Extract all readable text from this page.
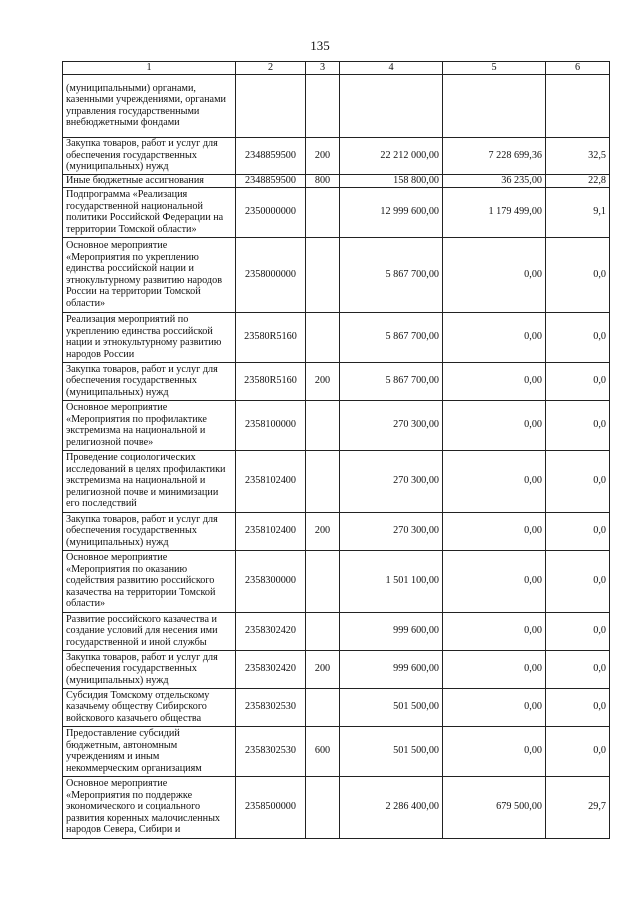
135
1	2	3	4	5	6
(муниципальными) органами, казенными учреждениями, органами управления государственными внебюджетными фондами					
Закупка товаров, работ и услуг для обеспечения государственных (муниципальных) нужд	2348859500	200	22 212 000,00	7 228 699,36	32,5
Иные бюджетные ассигнования	2348859500	800	158 800,00	36 235,00	22,8
Подпрограмма «Реализация государственной национальной политики Российской Федерации на территории Томской области»	2350000000		12 999 600,00	1 179 499,00	9,1
Основное мероприятие «Мероприятия по укреплению единства российской нации и этнокультурному развитию народов России на территории Томской области»	2358000000		5 867 700,00	0,00	0,0
Реализация мероприятий по укреплению единства российской нации и этнокультурному развитию народов России	23580R5160		5 867 700,00	0,00	0,0
Закупка товаров, работ и услуг для обеспечения государственных (муниципальных) нужд	23580R5160	200	5 867 700,00	0,00	0,0
Основное мероприятие «Мероприятия по профилактике экстремизма на национальной и религиозной почве»	2358100000		270 300,00	0,00	0,0
Проведение социологических исследований в целях профилактики экстремизма на национальной и религиозной почве и минимизации его последствий	2358102400		270 300,00	0,00	0,0
Закупка товаров, работ и услуг для обеспечения государственных (муниципальных) нужд	2358102400	200	270 300,00	0,00	0,0
Основное мероприятие «Мероприятия по оказанию содействия развитию российского казачества на территории Томской области»	2358300000		1 501 100,00	0,00	0,0
Развитие российского казачества и создание условий для несения ими государственной и иной службы	2358302420		999 600,00	0,00	0,0
Закупка товаров, работ и услуг для обеспечения государственных (муниципальных) нужд	2358302420	200	999 600,00	0,00	0,0
Субсидия Томскому отдельскому казачьему обществу Сибирского войскового казачьего общества	2358302530		501 500,00	0,00	0,0
Предоставление субсидий бюджетным, автономным учреждениям и иным некоммерческим организациям	2358302530	600	501 500,00	0,00	0,0
Основное мероприятие «Мероприятия по поддержке экономического и социального развития коренных малочисленных народов Севера, Сибири и	2358500000		2 286 400,00	679 500,00	29,7
